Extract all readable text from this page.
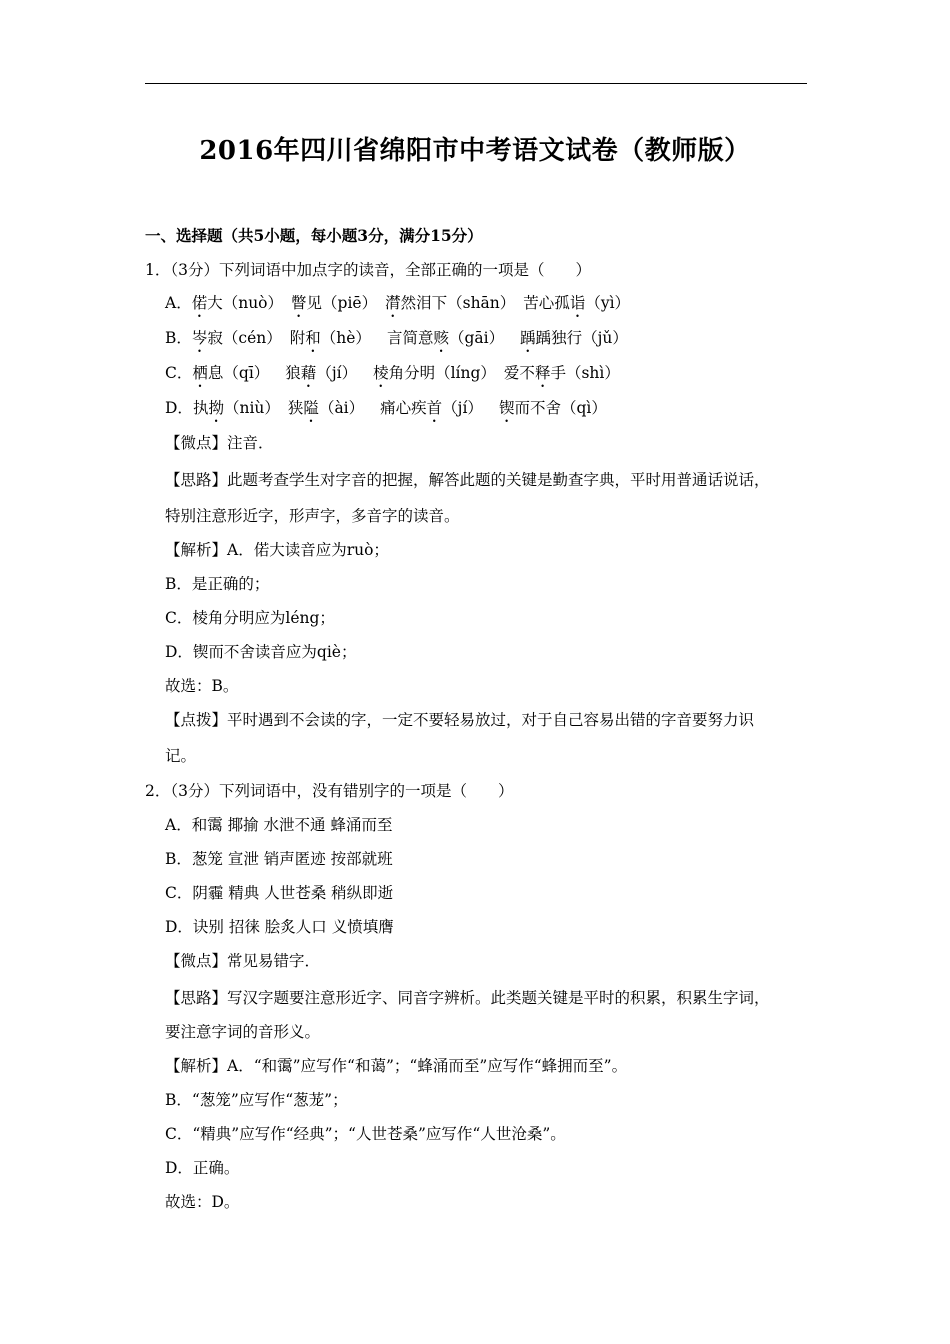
2016年四川省绵阳市中考语文试卷（教师版）
一、选择题（共5小题，每小题3分，满分15分）
1．（3分）下列词语中加点字的读音，全部正确的一项是（　　）
A．偌大（nuò） 瞥见（piē） 潸然泪下（shān） 苦心孤诣（yì）
B．岑寂（cén） 附和（hè） 言简意赅（gāi） 踽踽独行（jǔ）
C．栖息（qī） 狼藉（jí） 棱角分明（líng） 爱不释手（shì）
D．执拗（niù） 狭隘（ài） 痛心疾首（jí） 锲而不舍（qì）
【微点】注音．
【思路】此题考查学生对字音的把握，解答此题的关键是勤查字典，平时用普通话说话，
特别注意形近字，形声字，多音字的读音。
【解析】A．偌大读音应为ruò；
B．是正确的；
C．棱角分明应为léng；
D．锲而不舍读音应为qiè；
故选：B。
【点拨】平时遇到不会读的字，一定不要轻易放过，对于自己容易出错的字音要努力识
记。
2．（3分）下列词语中，没有错别字的一项是（　　）
A．和霭 揶揄 水泄不通 蜂涌而至
B．葱笼 宣泄 销声匿迹 按部就班
C．阴霾 精典 人世苍桑 稍纵即逝
D．诀别 招徕 脍炙人口 义愤填膺
【微点】常见易错字．
【思路】写汉字题要注意形近字、同音字辨析。此类题关键是平时的积累，积累生字词，
要注意字词的音形义。
【解析】A．“和霭”应写作“和蔼”；“蜂涌而至”应写作“蜂拥而至”。
B．“葱笼”应写作“葱茏”；
C．“精典”应写作“经典”；“人世苍桑”应写作“人世沧桑”。
D．正确。
故选：D。
